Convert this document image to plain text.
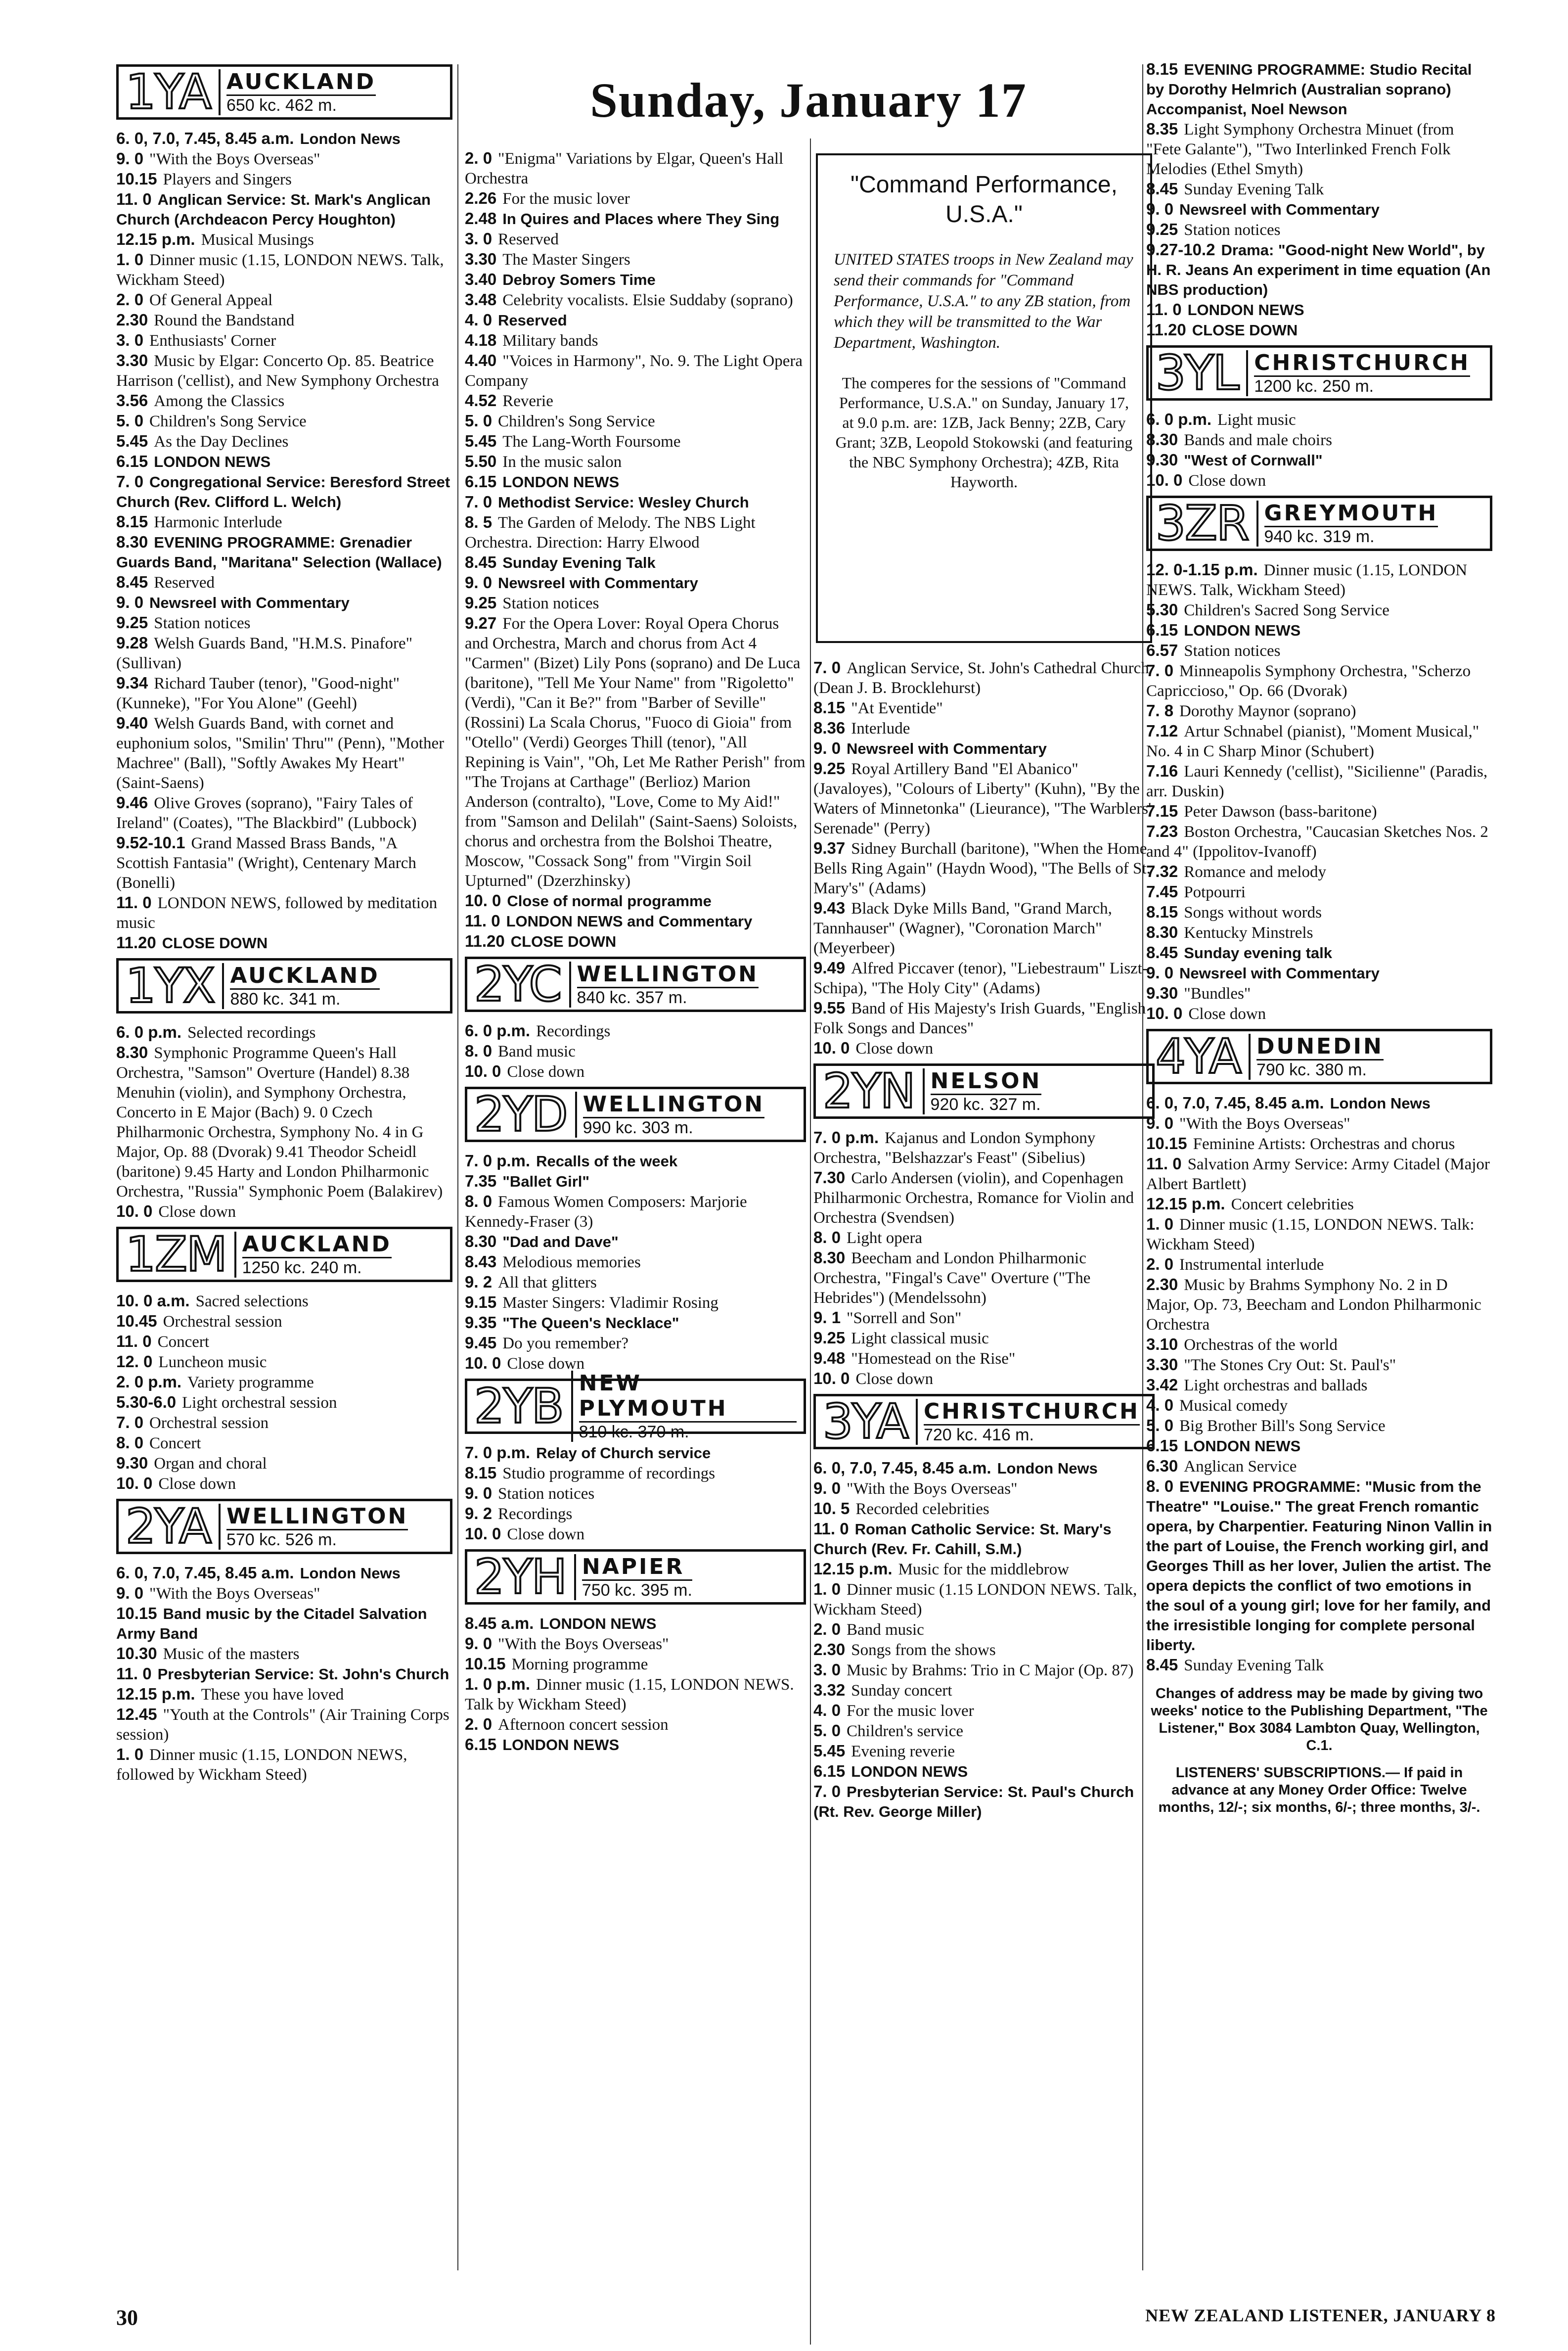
Sunday, January 17
1YA AUCKLAND
650 kc. 462 m.
6. 0, 7.0, 7.45, 8.45 a.m. London News
9. 0 "With the Boys Overseas"
10.15 Players and Singers
11. 0 Anglican Service: St. Mark's Anglican Church (Archdeacon Percy Houghton)
12.15 p.m. Musical Musings
1. 0 Dinner music (1.15, LONDON NEWS. Talk, Wickham Steed)
2. 0 Of General Appeal
2.30 Round the Bandstand
3. 0 Enthusiasts' Corner
3.30 Music by Elgar: Concerto Op. 85. Beatrice Harrison ('cellist), and New Symphony Orchestra
3.56 Among the Classics
5. 0 Children's Song Service
5.45 As the Day Declines
6.15 LONDON NEWS
7. 0 Congregational Service: Beresford Street Church (Rev. Clifford L. Welch)
8.15 Harmonic Interlude
8.30 EVENING PROGRAMME: Grenadier Guards Band, "Maritana" Selection (Wallace)
8.45 Reserved
9. 0 Newsreel with Commentary
9.25 Station notices
9.28 Welsh Guards Band, "H.M.S. Pinafore" (Sullivan)
9.34 Richard Tauber (tenor), "Good-night" (Kunneke), "For You Alone" (Geehl)
9.40 Welsh Guards Band, with cornet and euphonium solos, "Smilin' Thru'" (Penn), "Mother Machree" (Ball), "Softly Awakes My Heart" (Saint-Saens)
9.46 Olive Groves (soprano), "Fairy Tales of Ireland" (Coates), "The Blackbird" (Lubbock)
9.52-10.1 Grand Massed Brass Bands, "A Scottish Fantasia" (Wright), Centenary March (Bonelli)
11. 0 LONDON NEWS, followed by meditation music
11.20 CLOSE DOWN
1YX AUCKLAND
880 kc. 341 m.
6. 0 p.m. Selected recordings
8.30 Symphonic Programme Queen's Hall Orchestra, "Samson" Overture (Handel) 8.38 Menuhin (violin), and Symphony Orchestra, Concerto in E Major (Bach) 9. 0 Czech Philharmonic Orchestra, Symphony No. 4 in G Major, Op. 88 (Dvorak) 9.41 Theodor Scheidl (baritone) 9.45 Harty and London Philharmonic Orchestra, "Russia" Symphonic Poem (Balakirev)
10. 0 Close down
1ZM AUCKLAND
1250 kc. 240 m.
10. 0 a.m. Sacred selections
10.45 Orchestral session
11. 0 Concert
12. 0 Luncheon music
2. 0 p.m. Variety programme
5.30-6.0 Light orchestral session
7. 0 Orchestral session
8. 0 Concert
9.30 Organ and choral
10. 0 Close down
2YA WELLINGTON
570 kc. 526 m.
6. 0, 7.0, 7.45, 8.45 a.m. London News
9. 0 "With the Boys Overseas"
10.15 Band music by the Citadel Salvation Army Band
10.30 Music of the masters
11. 0 Presbyterian Service: St. John's Church
12.15 p.m. These you have loved
12.45 "Youth at the Controls" (Air Training Corps session)
1. 0 Dinner music (1.15, LONDON NEWS, followed by Wickham Steed)
2. 0 "Enigma" Variations by Elgar, Queen's Hall Orchestra
2.26 For the music lover
2.48 In Quires and Places where They Sing
3. 0 Reserved
3.30 The Master Singers
3.40 Debroy Somers Time
3.48 Celebrity vocalists. Elsie Suddaby (soprano)
4. 0 Reserved
4.18 Military bands
4.40 "Voices in Harmony", No. 9. The Light Opera Company
4.52 Reverie
5. 0 Children's Song Service
5.45 The Lang-Worth Foursome
5.50 In the music salon
6.15 LONDON NEWS
7. 0 Methodist Service: Wesley Church
8. 5 The Garden of Melody. The NBS Light Orchestra. Direction: Harry Elwood
8.45 Sunday Evening Talk
9. 0 Newsreel with Commentary
9.25 Station notices
9.27 For the Opera Lover: Royal Opera Chorus and Orchestra, March and chorus from Act 4 "Carmen" (Bizet) Lily Pons (soprano) and De Luca (baritone), "Tell Me Your Name" from "Rigoletto" (Verdi), "Can it Be?" from "Barber of Seville" (Rossini) La Scala Chorus, "Fuoco di Gioia" from "Otello" (Verdi) Georges Thill (tenor), "All Repining is Vain", "Oh, Let Me Rather Perish" from "The Trojans at Carthage" (Berlioz) Marion Anderson (contralto), "Love, Come to My Aid!" from "Samson and Delilah" (Saint-Saens) Soloists, chorus and orchestra from the Bolshoi Theatre, Moscow, "Cossack Song" from "Virgin Soil Upturned" (Dzerzhinsky)
10. 0 Close of normal programme
11. 0 LONDON NEWS and Commentary
11.20 CLOSE DOWN
2YC WELLINGTON
840 kc. 357 m.
6. 0 p.m. Recordings
8. 0 Band music
10. 0 Close down
2YD WELLINGTON
990 kc. 303 m.
7. 0 p.m. Recalls of the week
7.35 "Ballet Girl"
8. 0 Famous Women Composers: Marjorie Kennedy-Fraser (3)
8.30 "Dad and Dave"
8.43 Melodious memories
9. 2 All that glitters
9.15 Master Singers: Vladimir Rosing
9.35 "The Queen's Necklace"
9.45 Do you remember?
10. 0 Close down
2YB NEW PLYMOUTH
810 kc. 370 m.
7. 0 p.m. Relay of Church service
8.15 Studio programme of recordings
9. 0 Station notices
9. 2 Recordings
10. 0 Close down
2YH NAPIER
750 kc. 395 m.
8.45 a.m. LONDON NEWS
9. 0 "With the Boys Overseas"
10.15 Morning programme
1. 0 p.m. Dinner music (1.15, LONDON NEWS. Talk by Wickham Steed)
2. 0 Afternoon concert session
6.15 LONDON NEWS
"Command Performance, U.S.A."

UNITED STATES troops in New Zealand may send their commands for "Command Performance, U.S.A." to any ZB station, from which they will be transmitted to the War Department, Washington.

The comperes for the sessions of "Command Performance, U.S.A." on Sunday, January 17, at 9.0 p.m. are: 1ZB, Jack Benny; 2ZB, Cary Grant; 3ZB, Leopold Stokowski (and featuring the NBC Symphony Orchestra); 4ZB, Rita Hayworth.

7. 0 Anglican Service, St. John's Cathedral Church (Dean J. B. Brocklehurst)
8.15 "At Eventide"
8.36 Interlude
9. 0 Newsreel with Commentary
9.25 Royal Artillery Band "El Abanico" (Javaloyes), "Colours of Liberty" (Kuhn), "By the Waters of Minnetonka" (Lieurance), "The Warblers' Serenade" (Perry)
9.37 Sidney Burchall (baritone), "When the Home Bells Ring Again" (Haydn Wood), "The Bells of St. Mary's" (Adams)
9.43 Black Dyke Mills Band, "Grand March, Tannhauser" (Wagner), "Coronation March" (Meyerbeer)
9.49 Alfred Piccaver (tenor), "Liebestraum" Liszt-Schipa), "The Holy City" (Adams)
9.55 Band of His Majesty's Irish Guards, "English Folk Songs and Dances"
10. 0 Close down
2YN NELSON
920 kc. 327 m.
7. 0 p.m. Kajanus and London Symphony Orchestra, "Belshazzar's Feast" (Sibelius)
7.30 Carlo Andersen (violin), and Copenhagen Philharmonic Orchestra, Romance for Violin and Orchestra (Svendsen)
8. 0 Light opera
8.30 Beecham and London Philharmonic Orchestra, "Fingal's Cave" Overture ("The Hebrides") (Mendelssohn)
9. 1 "Sorrell and Son"
9.25 Light classical music
9.48 "Homestead on the Rise"
10. 0 Close down
3YA CHRISTCHURCH
720 kc. 416 m.
6. 0, 7.0, 7.45, 8.45 a.m. London News
9. 0 "With the Boys Overseas"
10. 5 Recorded celebrities
11. 0 Roman Catholic Service: St. Mary's Church (Rev. Fr. Cahill, S.M.)
12.15 p.m. Music for the middlebrow
1. 0 Dinner music (1.15 LONDON NEWS. Talk, Wickham Steed)
2. 0 Band music
2.30 Songs from the shows
3. 0 Music by Brahms: Trio in C Major (Op. 87)
3.32 Sunday concert
4. 0 For the music lover
5. 0 Children's service
5.45 Evening reverie
6.15 LONDON NEWS
7. 0 Presbyterian Service: St. Paul's Church (Rt. Rev. George Miller)
8.15 EVENING PROGRAMME: Studio Recital by Dorothy Helmrich (Australian soprano) Accompanist, Noel Newson
8.35 Light Symphony Orchestra Minuet (from "Fete Galante"), "Two Interlinked French Folk Melodies (Ethel Smyth)
8.45 Sunday Evening Talk
9. 0 Newsreel with Commentary
9.25 Station notices
9.27-10.2 Drama: "Good-night New World", by H. R. Jeans An experiment in time equation (An NBS production)
11. 0 LONDON NEWS
11.20 CLOSE DOWN
3YL CHRISTCHURCH
1200 kc. 250 m.
6. 0 p.m. Light music
8.30 Bands and male choirs
9.30 "West of Cornwall"
10. 0 Close down
3ZR GREYMOUTH
940 kc. 319 m.
12. 0-1.15 p.m. Dinner music (1.15, LONDON NEWS. Talk, Wickham Steed)
5.30 Children's Sacred Song Service
6.15 LONDON NEWS
6.57 Station notices
7. 0 Minneapolis Symphony Orchestra, "Scherzo Capriccioso," Op. 66 (Dvorak)
7. 8 Dorothy Maynor (soprano)
7.12 Artur Schnabel (pianist), "Moment Musical," No. 4 in C Sharp Minor (Schubert)
7.16 Lauri Kennedy ('cellist), "Sicilienne" (Paradis, arr. Duskin)
7.15 Peter Dawson (bass-baritone)
7.23 Boston Orchestra, "Caucasian Sketches Nos. 2 and 4" (Ippolitov-Ivanoff)
7.32 Romance and melody
7.45 Potpourri
8.15 Songs without words
8.30 Kentucky Minstrels
8.45 Sunday evening talk
9. 0 Newsreel with Commentary
9.30 "Bundles"
10. 0 Close down
4YA DUNEDIN
790 kc. 380 m.
6. 0, 7.0, 7.45, 8.45 a.m. London News
9. 0 "With the Boys Overseas"
10.15 Feminine Artists: Orchestras and chorus
11. 0 Salvation Army Service: Army Citadel (Major Albert Bartlett)
12.15 p.m. Concert celebrities
1. 0 Dinner music (1.15, LONDON NEWS. Talk: Wickham Steed)
2. 0 Instrumental interlude
2.30 Music by Brahms Symphony No. 2 in D Major, Op. 73, Beecham and London Philharmonic Orchestra
3.10 Orchestras of the world
3.30 "The Stones Cry Out: St. Paul's"
3.42 Light orchestras and ballads
4. 0 Musical comedy
5. 0 Big Brother Bill's Song Service
6.15 LONDON NEWS
6.30 Anglican Service
8. 0 EVENING PROGRAMME: "Music from the Theatre" "Louise." The great French romantic opera, by Charpentier. Featuring Ninon Vallin in the part of Louise, the French working girl, and Georges Thill as her lover, Julien the artist. The opera depicts the conflict of two emotions in the soul of a young girl; love for her family, and the irresistible longing for complete personal liberty.
8.45 Sunday Evening Talk

Changes of address may be made by giving two weeks' notice to the Publishing Department, "The Listener," Box 3084 Lambton Quay, Wellington, C.1.

LISTENERS' SUBSCRIPTIONS.— If paid in advance at any Money Order Office: Twelve months, 12/-; six months, 6/-; three months, 3/-.

30	NEW ZEALAND LISTENER, JANUARY 8
